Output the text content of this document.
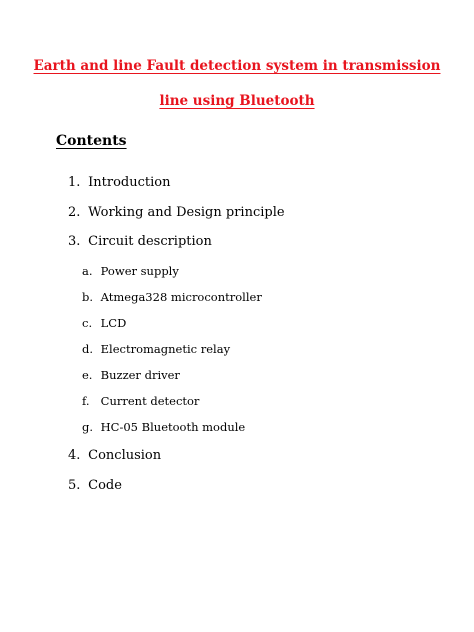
Earth and line Fault detection system in transmission
line using Bluetooth
Contents
1. Introduction
2. Working and Design principle
3. Circuit description
a. Power supply
b. Atmega328 microcontroller
c. LCD
d. Electromagnetic relay
e. Buzzer driver
f. Current detector
g. HC-05 Bluetooth module
4. Conclusion
5. Code
